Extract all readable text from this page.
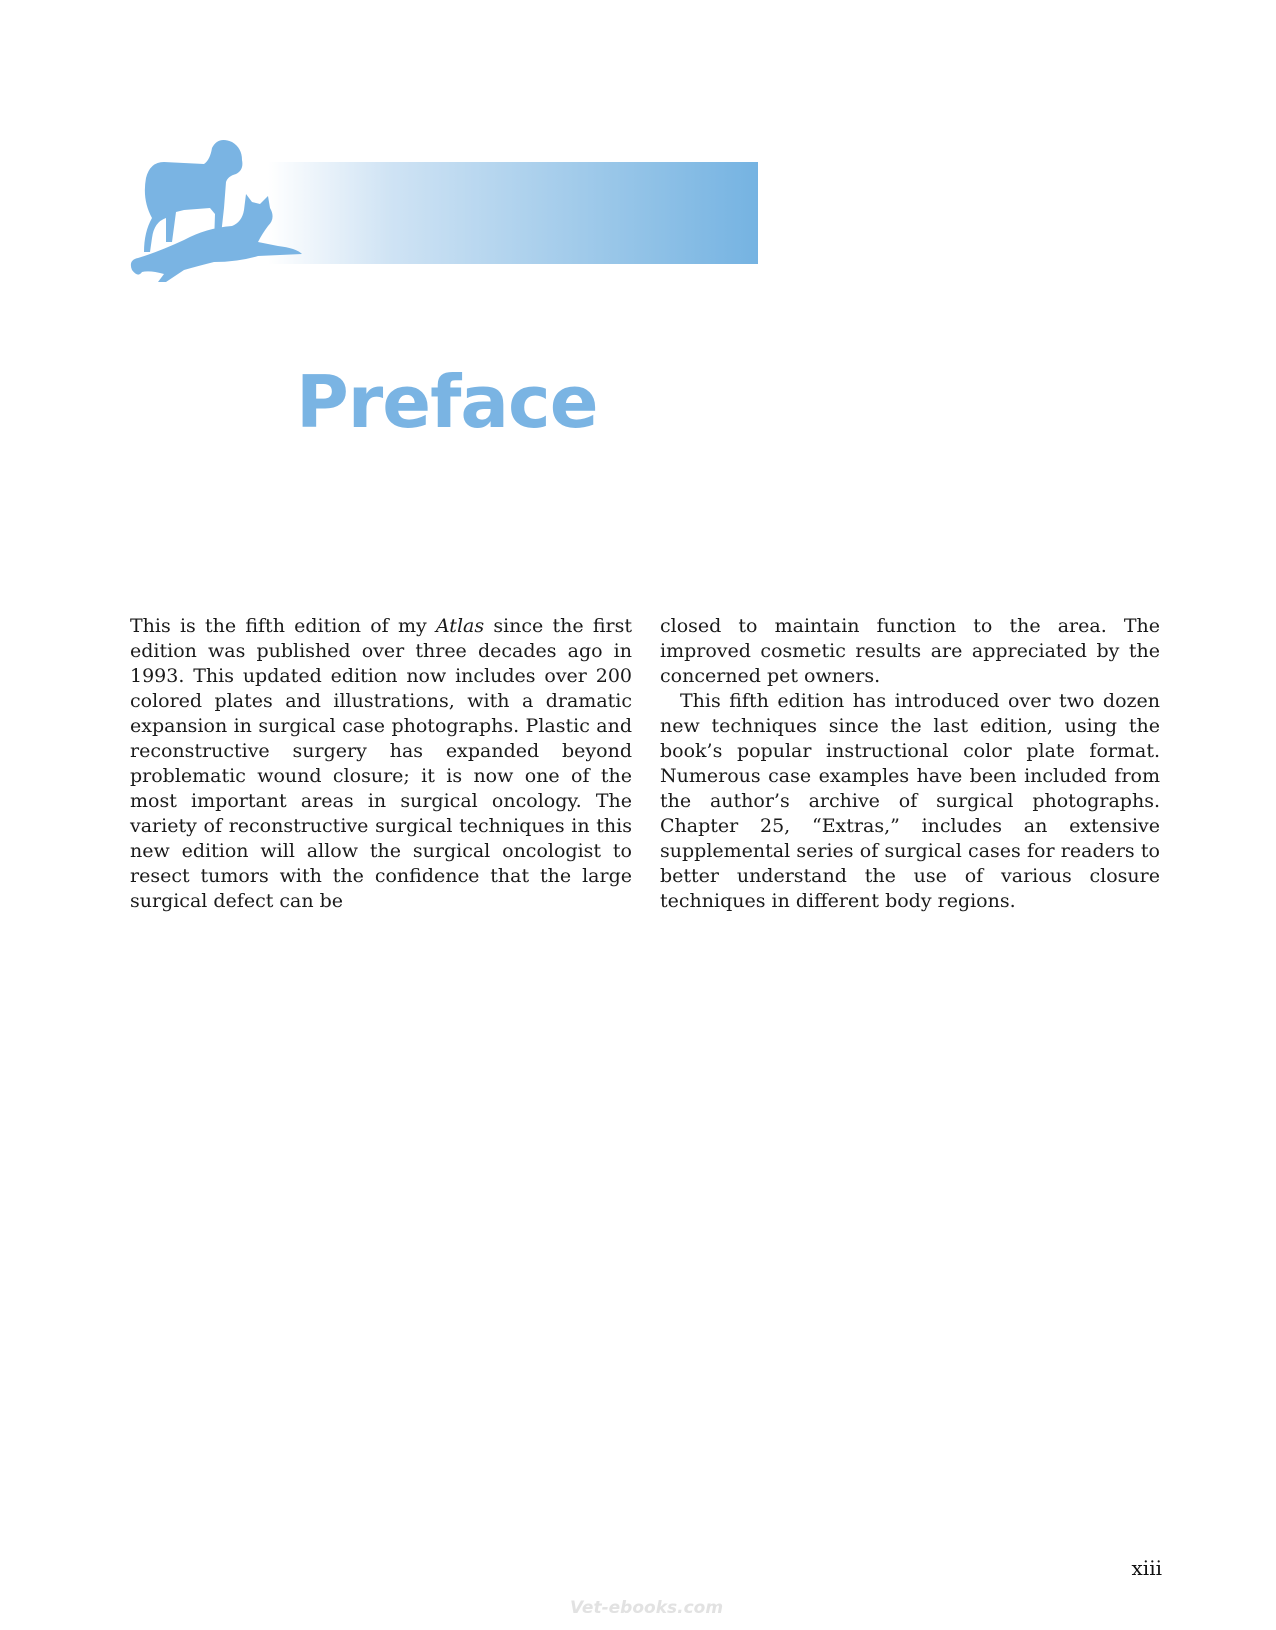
Preface

This is the fifth edition of my Atlas since the first edition was published over three decades ago in 1993. This updated edition now includes over 200 colored plates and illustrations, with a dramatic expansion in surgical case photographs. Plastic and reconstructive surgery has expanded beyond problematic wound closure; it is now one of the most important areas in surgical oncology. The variety of reconstructive surgical techniques in this new edition will allow the surgical oncologist to resect tumors with the confidence that the large surgical defect can be

closed to maintain function to the area. The improved cosmetic results are appreciated by the concerned pet owners.

This fifth edition has introduced over two dozen new techniques since the last edition, using the book’s popular instructional color plate format. Numerous case examples have been included from the author’s archive of surgical photographs. Chapter 25, “Extras,” includes an extensive supplemental series of surgical cases for readers to better understand the use of various closure techniques in different body regions.

xiii
Vet-ebooks.com
